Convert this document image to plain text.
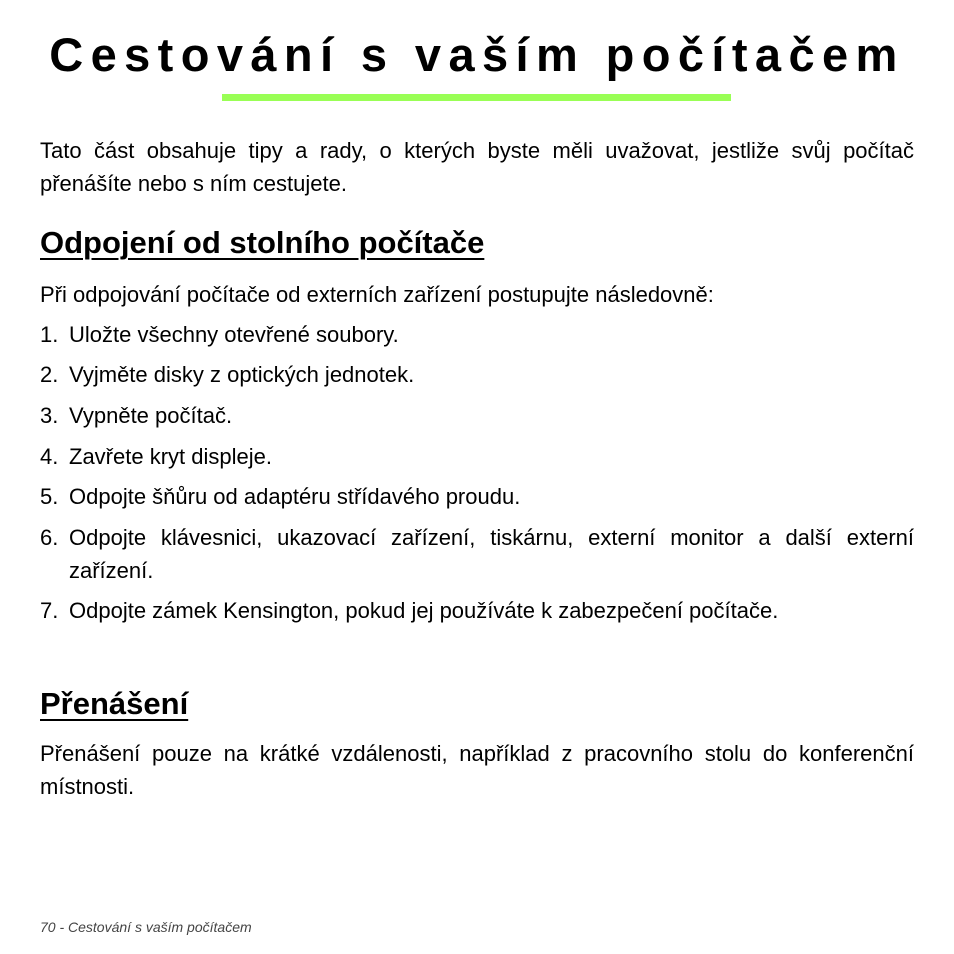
Cestování s vaším počítačem

Tato část obsahuje tipy a rady, o kterých byste měli uvažovat, jestliže svůj počítač přenášíte nebo s ním cestujete.

Odpojení od stolního počítače

Při odpojování počítače od externích zařízení postupujte následovně:

1. Uložte všechny otevřené soubory.
2. Vyjměte disky z optických jednotek.
3. Vypněte počítač.
4. Zavřete kryt displeje.
5. Odpojte šňůru od adaptéru střídavého proudu.
6. Odpojte klávesnici, ukazovací zařízení, tiskárnu, externí monitor a další externí zařízení.
7. Odpojte zámek Kensington, pokud jej používáte k zabezpečení počítače.
Přenášení

Přenášení pouze na krátké vzdálenosti, například z pracovního stolu do konferenční místnosti.

70 - Cestování s vaším počítačem
